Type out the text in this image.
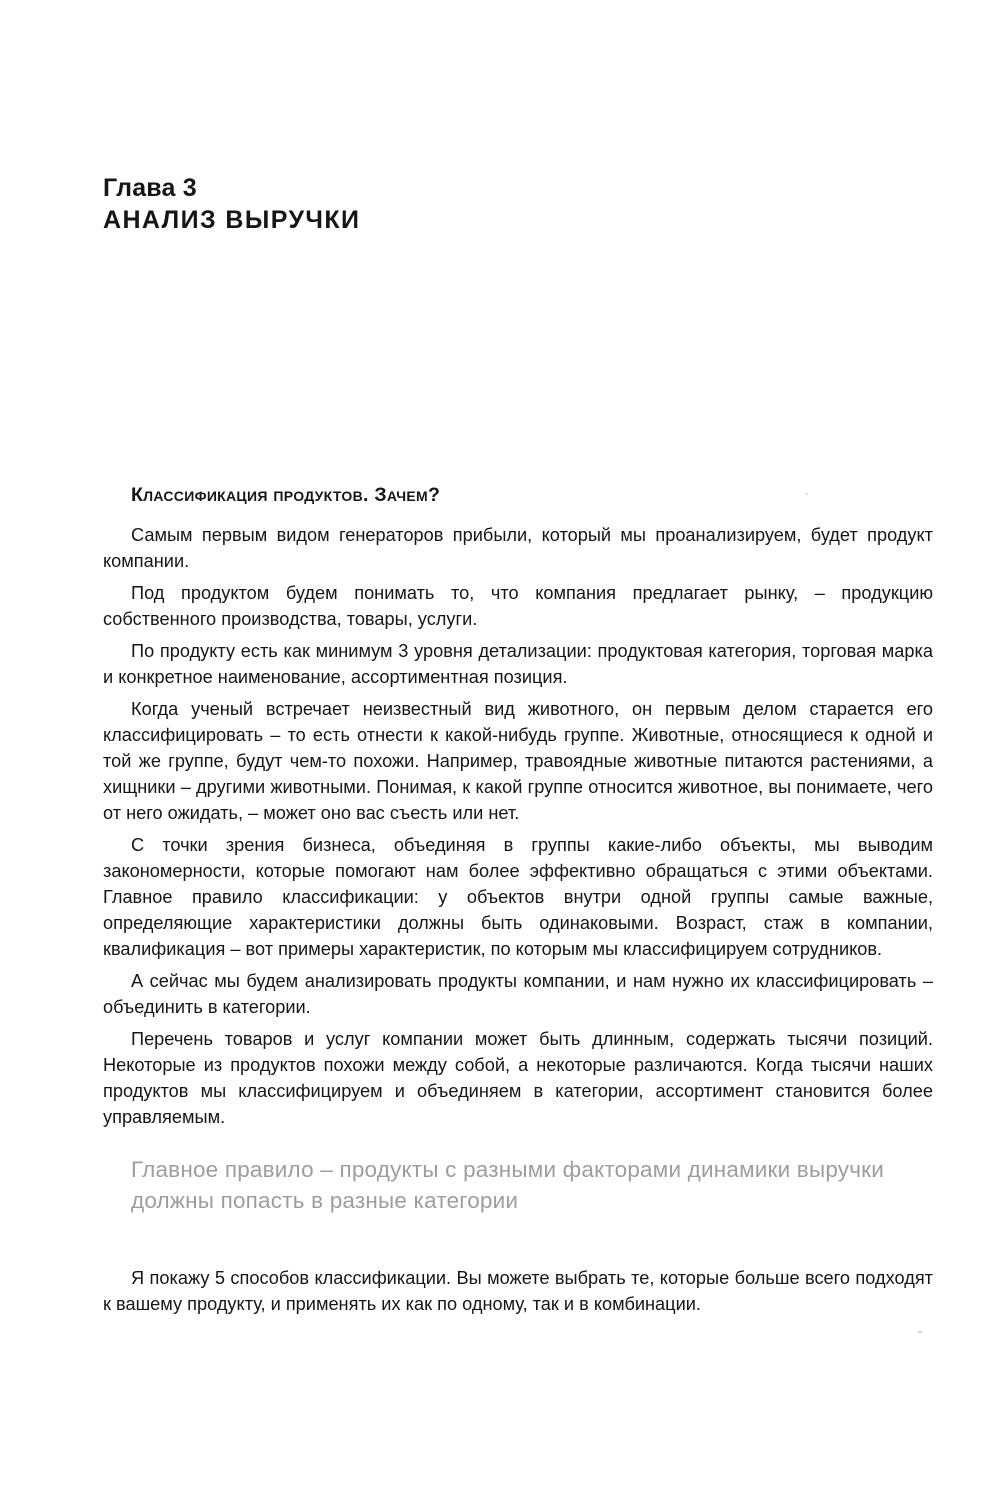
Глава 3
АНАЛИЗ ВЫРУЧКИ
Классификация продуктов. Зачем?

Самым первым видом генераторов прибыли, который мы проанализируем, будет продукт компании.

Под продуктом будем понимать то, что компания предлагает рынку, – продукцию собственного производства, товары, услуги.

По продукту есть как минимум 3 уровня детализации: продуктовая категория, торговая марка и конкретное наименование, ассортиментная позиция.

Когда ученый встречает неизвестный вид животного, он первым делом старается его классифицировать – то есть отнести к какой-нибудь группе. Животные, относящиеся к одной и той же группе, будут чем-то похожи. Например, травоядные животные питаются растениями, а хищники – другими животными. Понимая, к какой группе относится животное, вы понимаете, чего от него ожидать, – может оно вас съесть или нет.

С точки зрения бизнеса, объединяя в группы какие-либо объекты, мы выводим закономерности, которые помогают нам более эффективно обращаться с этими объектами. Главное правило классификации: у объектов внутри одной группы самые важные, определяющие характеристики должны быть одинаковыми. Возраст, стаж в компании, квалификация – вот примеры характеристик, по которым мы классифицируем сотрудников.

А сейчас мы будем анализировать продукты компании, и нам нужно их классифицировать – объединить в категории.

Перечень товаров и услуг компании может быть длинным, содержать тысячи позиций. Некоторые из продуктов похожи между собой, а некоторые различаются. Когда тысячи наших продуктов мы классифицируем и объединяем в категории, ассортимент становится более управляемым.

Главное правило – продукты с разными факторами динамики выручки должны попасть в разные категории

Я покажу 5 способов классификации. Вы можете выбрать те, которые больше всего подходят к вашему продукту, и применять их как по одному, так и в комбинации.
